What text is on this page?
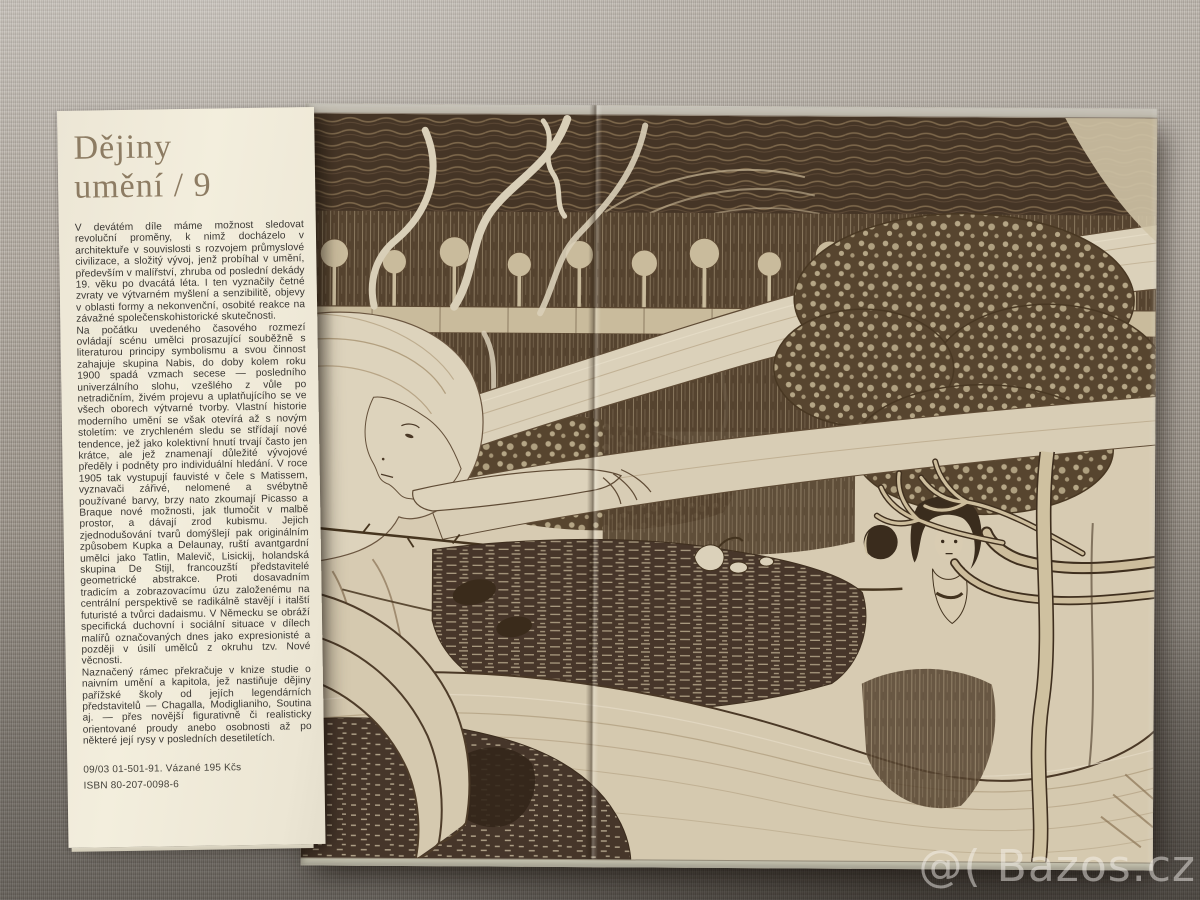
Dějiny
umění / 9

V devátém díle máme možnost sledovat revoluční proměny, k nimž docházelo v architektuře v souvislosti s rozvojem průmyslové civilizace, a složitý vývoj, jenž probíhal v umění, především v malířství, zhruba od poslední dekády 19. věku po dvacátá léta. I ten vyznačily četné zvraty ve výtvarném myšlení a senzibilitě, objevy v oblasti formy a nekonvenční, osobité reakce na závažné společenskohistorické skutečnosti.

Na počátku uvedeného časového rozmezí ovládají scénu umělci prosazující souběžně s literaturou principy symbolismu a svou činnost zahajuje skupina Nabis, do doby kolem roku 1900 spadá vzmach secese — posledního univerzálního slohu, vzešlého z vůle po netradičním, živém projevu a uplatňujícího se ve všech oborech výtvarné tvorby. Vlastní historie moderního umění se však otevírá až s novým stoletím: ve zrychleném sledu se střídají nové tendence, jež jako kolektivní hnutí trvají často jen krátce, ale jež znamenají důležité vývojové předěly i podněty pro individuální hledání. V roce 1905 tak vystupují fauvisté v čele s Matissem, vyznavači zářivé, nelomené a svébytně používané barvy, brzy nato zkoumají Picasso a Braque nové možnosti, jak tlumočit v malbě prostor, a dávají zrod kubismu. Jejich zjednodušování tvarů domýšlejí pak originálním způsobem Kupka a Delaunay, ruští avantgardní umělci jako Tatlin, Malevič, Lisickij, holandská skupina De Stijl, francouzští představitelé geometrické abstrakce. Proti dosavadním tradicím a zobrazovacímu úzu založenému na centrální perspektivě se radikálně stavějí i italští futuristé a tvůrci dadaismu. V Německu se obráží specifická duchovní i sociální situace v dílech malířů označovaných dnes jako expresionisté a později v úsilí umělců z okruhu tzv. Nové věcnosti.

Naznačený rámec překračuje v knize studie o naivním umění a kapitola, jež nastiňuje dějiny pařížské školy od jejích legendárních představitelů — Chagalla, Modiglianiho, Soutina aj. — přes novější figurativně či realisticky orientované proudy anebo osobnosti až po některé její rysy v posledních desetiletích.

09/03 01-501-91. Vázané 195 Kčs
ISBN 80-207-0098-6
@( Bazos.cz
